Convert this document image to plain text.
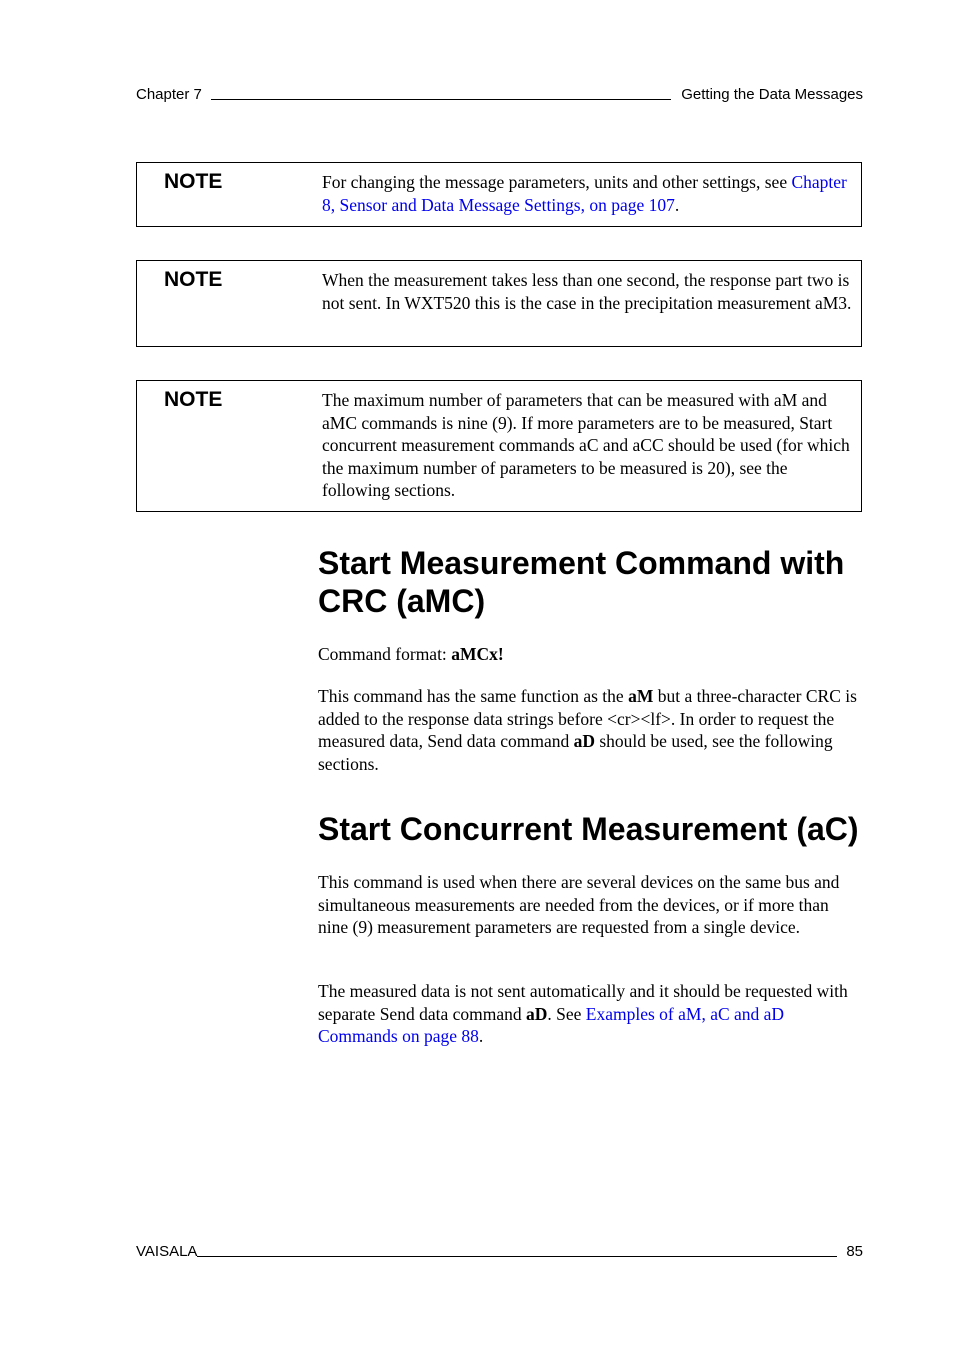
Chapter 7	Getting the Data Messages
NOTE	For changing the message parameters, units and other settings, see Chapter 8, Sensor and Data Message Settings, on page 107.
NOTE	When the measurement takes less than one second, the response part two is not sent. In WXT520 this is the case in the precipitation measurement aM3.
NOTE	The maximum number of parameters that can be measured with aM and aMC commands is nine (9). If more parameters are to be measured, Start concurrent measurement commands aC and aCC should be used (for which the maximum number of parameters to be measured is 20), see the following sections.
Start Measurement Command with CRC (aMC)

Command format: aMCx!

This command has the same function as the aM but a three-character CRC is added to the response data strings before <cr><lf>. In order to request the measured data, Send data command aD should be used, see the following sections.

Start Concurrent Measurement (aC)

This command is used when there are several devices on the same bus and simultaneous measurements are needed from the devices, or if more than nine (9) measurement parameters are requested from a single device.

The measured data is not sent automatically and it should be requested with separate Send data command aD. See Examples of aM, aC and aD Commands on page 88.

VAISALA	85
